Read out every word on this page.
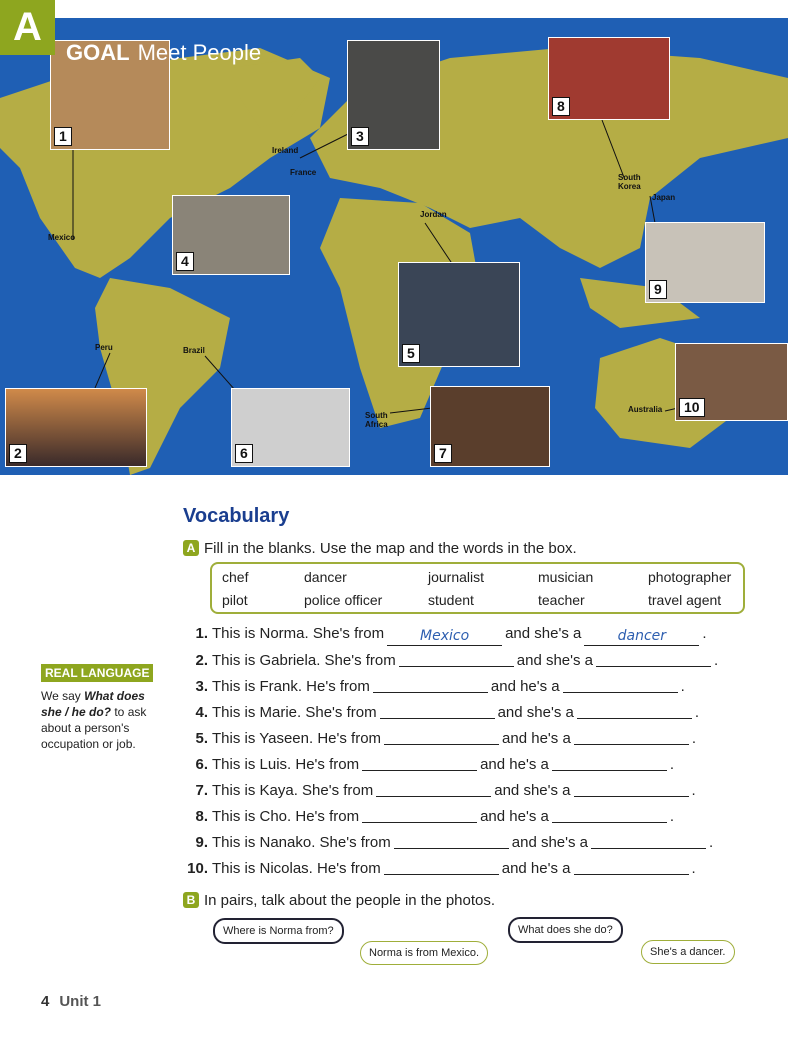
A
GOAL Meet People
1
2
3
4
5
6	7
8
9
10
Ireland
France
Mexico
Jordan
South Korea
Japan
Peru	Brazil
South Africa
Australia
Vocabulary
A Fill in the blanks. Use the map and the words in the box.
chef	dancer	journalist	musician	photographer
pilot	police officer	student	teacher	travel agent
1. This is Norma. She's from	Mexico and she's a	dancer .
2. This is Gabriela. She's from	and she's a	.
3. This is Frank. He's from	and he's a	.
4. This is Marie. She's from	and she's a	.
5. This is Yaseen. He's from	and he's a	.
6. This is Luis. He's from	and he's a	.
7. This is Kaya. She's from	and she's a	.
8. This is Cho. He's from	and he's a	.
9. This is Nanako. She's from	and she's a	.
10. This is Nicolas. He's from	and he's a	.
B In pairs, talk about the people in the photos.
Where is Norma from?
Norma is from Mexico.
What does she do?
She's a dancer.
REAL LANGUAGE

We say What does she / he do? to ask about a person's occupation or job.

4 Unit 1
